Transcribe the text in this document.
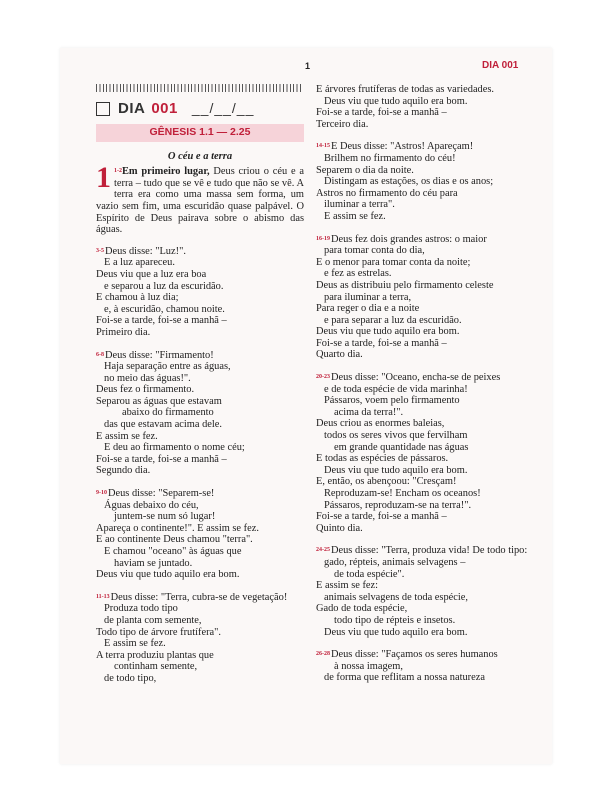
1	DIA 001
DIA 001 __/__/__
GÊNESIS 1.1 — 2.25
O céu e a terra
1 $^{1-2}$Em primeiro lugar, Deus criou o céu e a terra – tudo que se vê e tudo que não se vê. A terra era como uma massa sem forma, um vazio sem fim, uma escuridão quase palpável. O Espírito de Deus pairava sobre o abismo das águas.
$^{3-5}$Deus disse: "Luz!".
E a luz apareceu.
Deus viu que a luz era boa
e separou a luz da escuridão.
E chamou à luz dia;
e, à escuridão, chamou noite.
Foi-se a tarde, foi-se a manhã –
Primeiro dia.
$^{6-8}$Deus disse: "Firmamento!
Haja separação entre as águas,
no meio das águas!".
Deus fez o firmamento.
Separou as águas que estavam
abaixo do firmamento
das que estavam acima dele.
E assim se fez.
E deu ao firmamento o nome céu;
Foi-se a tarde, foi-se a manhã –
Segundo dia.
$^{9-10}$Deus disse: "Separem-se!
Águas debaixo do céu,
juntem-se num só lugar!
Apareça o continente!". E assim se fez.
E ao continente Deus chamou "terra".
E chamou "oceano" às águas que
haviam se juntado.
Deus viu que tudo aquilo era bom.
$^{11-13}$Deus disse: "Terra, cubra-se de vegetação!
Produza todo tipo
de planta com semente,
Todo tipo de árvore frutífera".
E assim se fez.
A terra produziu plantas que
continham semente,
de todo tipo,
E árvores frutíferas de todas as variedades.
Deus viu que tudo aquilo era bom.
Foi-se a tarde, foi-se a manhã –
Terceiro dia.
$^{14-15}$E Deus disse: "Astros! Apareçam!
Brilhem no firmamento do céu!
Separem o dia da noite.
Distingam as estações, os dias e os anos;
Astros no firmamento do céu para
iluminar a terra".
E assim se fez.
$^{16-19}$Deus fez dois grandes astros: o maior
para tomar conta do dia,
E o menor para tomar conta da noite;
e fez as estrelas.
Deus as distribuiu pelo firmamento celeste
para iluminar a terra,
Para reger o dia e a noite
e para separar a luz da escuridão.
Deus viu que tudo aquilo era bom.
Foi-se a tarde, foi-se a manhã –
Quarto dia.
$^{20-23}$Deus disse: "Oceano, encha-se de peixes
e de toda espécie de vida marinha!
Pássaros, voem pelo firmamento
acima da terra!".
Deus criou as enormes baleias,
todos os seres vivos que fervilham
em grande quantidade nas águas
E todas as espécies de pássaros.
Deus viu que tudo aquilo era bom.
E, então, os abençoou: "Cresçam!
Reproduzam-se! Encham os oceanos!
Pássaros, reproduzam-se na terra!".
Foi-se a tarde, foi-se a manhã –
Quinto dia.
$^{24-25}$Deus disse: "Terra, produza vida! De todo tipo:
gado, répteis, animais selvagens –
de toda espécie".
E assim se fez:
animais selvagens de toda espécie,
Gado de toda espécie,
todo tipo de répteis e insetos.
Deus viu que tudo aquilo era bom.
$^{26-28}$Deus disse: "Façamos os seres humanos
à nossa imagem,
de forma que reflitam a nossa natureza
